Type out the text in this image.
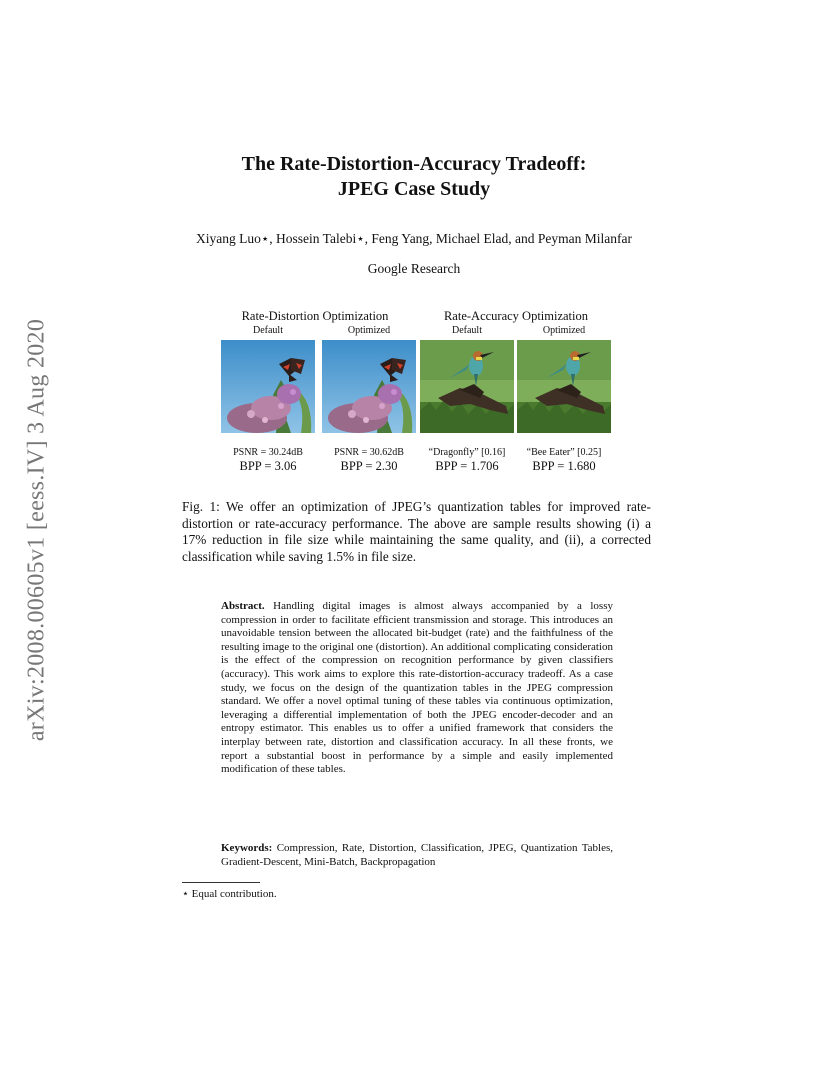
arXiv:2008.00605v1 [eess.IV] 3 Aug 2020
The Rate-Distortion-Accuracy Tradeoff:
JPEG Case Study
Xiyang Luo⋆, Hossein Talebi⋆, Feng Yang, Michael Elad, and Peyman Milanfar
Google Research
Rate-Distortion Optimization	Rate-Accuracy Optimization
Default	Optimized	Default	Optimized
PSNR = 30.24dB	PSNR = 30.62dB	“Dragonfly” [0.16]	“Bee Eater” [0.25]
BPP = 3.06	BPP = 2.30	BPP = 1.706	BPP = 1.680
Fig. 1: We offer an optimization of JPEG’s quantization tables for improved rate-distortion or rate-accuracy performance. The above are sample results showing (i) a 17% reduction in file size while maintaining the same quality, and (ii), a corrected classification while saving 1.5% in file size.
Abstract. Handling digital images is almost always accompanied by a lossy compression in order to facilitate efficient transmission and storage. This introduces an unavoidable tension between the allocated bit-budget (rate) and the faithfulness of the resulting image to the original one (distortion). An additional complicating consideration is the effect of the compression on recognition performance by given classifiers (accuracy). This work aims to explore this rate-distortion-accuracy tradeoff. As a case study, we focus on the design of the quantization tables in the JPEG compression standard. We offer a novel optimal tuning of these tables via continuous optimization, leveraging a differential implementation of both the JPEG encoder-decoder and an entropy estimator. This enables us to offer a unified framework that considers the interplay between rate, distortion and classification accuracy. In all these fronts, we report a substantial boost in performance by a simple and easily implemented modification of these tables.
Keywords: Compression, Rate, Distortion, Classification, JPEG, Quantization Tables, Gradient-Descent, Mini-Batch, Backpropagation
⋆ Equal contribution.
